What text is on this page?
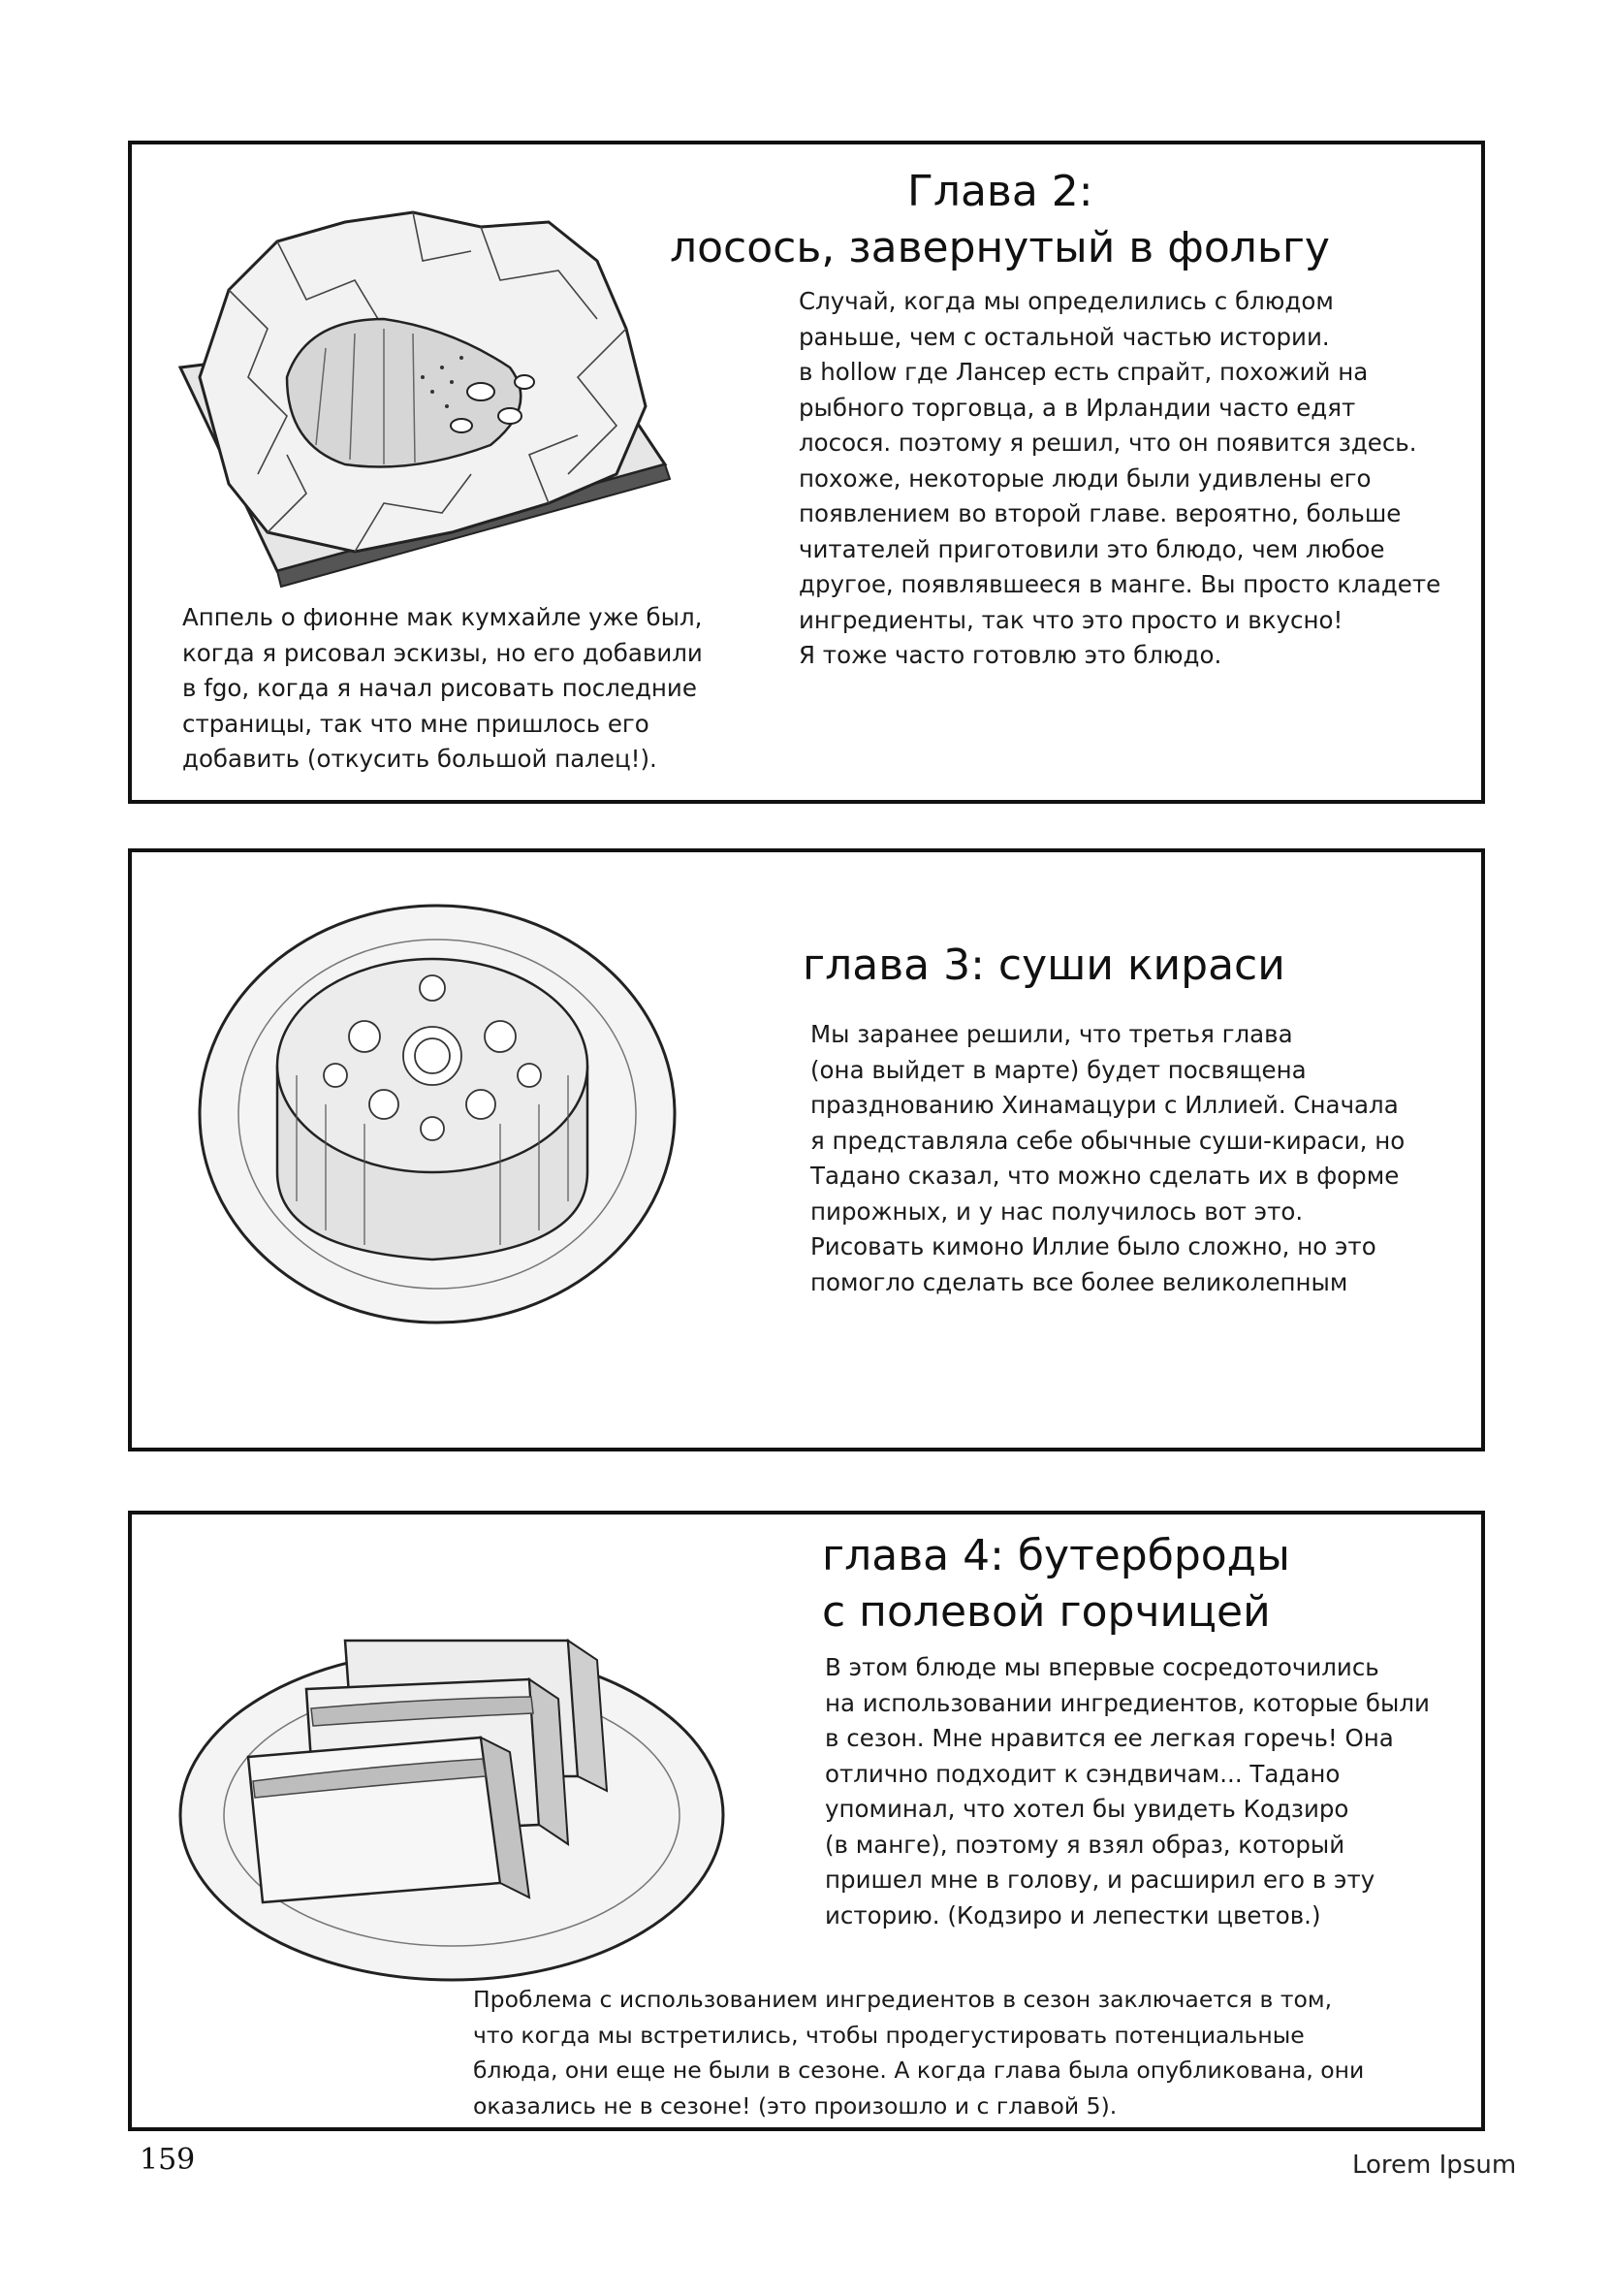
Глава 2:
лосось, завернутый в фольгу
Случай, когда мы определились с блюдом
раньше, чем с остальной частью истории.
в hollow где Лансер есть спрайт, похожий на
рыбного торговца, а в Ирландии часто едят
лосося. поэтому я решил, что он появится здесь.
похоже, некоторые люди были удивлены его
появлением во второй главе. вероятно, больше
читателей приготовили это блюдо, чем любое
другое, появлявшееся в манге. Вы просто кладете
ингредиенты, так что это просто и вкусно!
Я тоже часто готовлю это блюдо.
Аппель о фионне мак кумхайле уже был,
когда я рисовал эскизы, но его добавили
в fgo, когда я начал рисовать последние
страницы, так что мне пришлось его
добавить (откусить большой палец!).
глава 3: суши кираси
Мы заранее решили, что третья глава
(она выйдет в марте) будет посвящена
празднованию Хинамацури с Иллией. Сначала
я представляла себе обычные суши-кираси, но
Тадано сказал, что можно сделать их в форме
пирожных, и у нас получилось вот это.
Рисовать кимоно Иллие было сложно, но это
помогло сделать все более великолепным
глава 4: бутерброды
с полевой горчицей
В этом блюде мы впервые сосредоточились
на использовании ингредиентов, которые были
в сезон. Мне нравится ее легкая горечь! Она
отлично подходит к сэндвичам... Тадано
упоминал, что хотел бы увидеть Кодзиро
(в манге), поэтому я взял образ, который
пришел мне в голову, и расширил его в эту
историю. (Кодзиро и лепестки цветов.)
Проблема с использованием ингредиентов в сезон заключается в том,
что когда мы встретились, чтобы продегустировать потенциальные
блюда, они еще не были в сезоне. А когда глава была опубликована, они
оказались не в сезоне! (это произошло и с главой 5).
159	Lorem Ipsum
